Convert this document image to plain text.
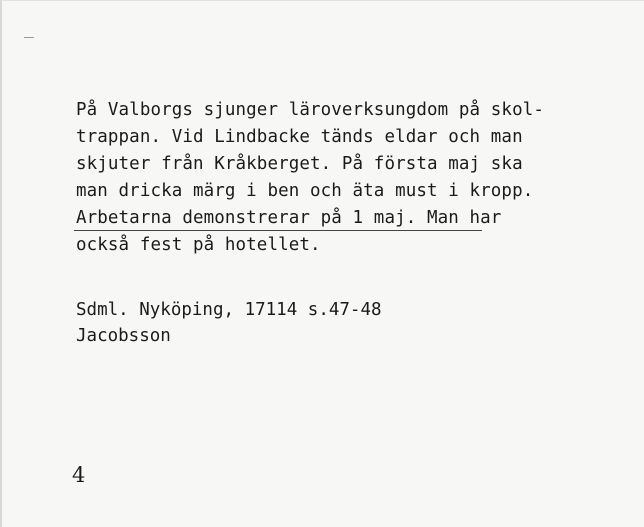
På Valborgs sjunger läroverksungdom på skol-
trappan. Vid Lindbacke tänds eldar och man
skjuter från Kråkberget. På första maj ska
man dricka märg i ben och äta must i kropp.
Arbetarna demonstrerar på 1 maj. Man har
också fest på hotellet.
Sdml. Nyköping, 17114 s.47-48
Jacobsson
4
